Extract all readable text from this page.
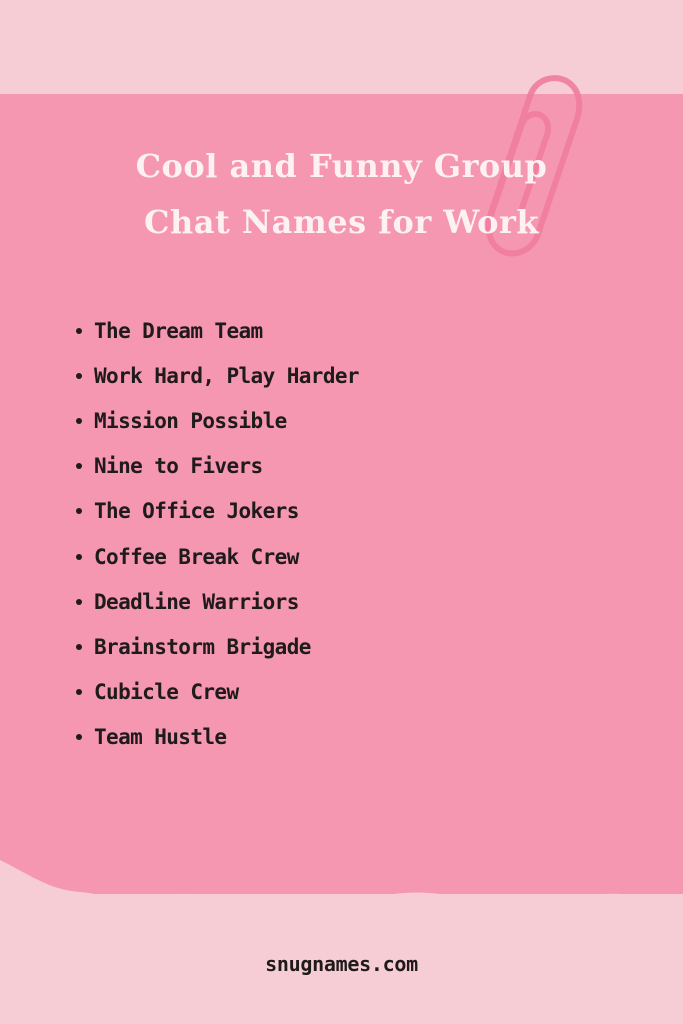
Cool and Funny Group
Chat Names for Work
The Dream Team
Work Hard, Play Harder
Mission Possible
Nine to Fivers
The Office Jokers
Coffee Break Crew
Deadline Warriors
Brainstorm Brigade
Cubicle Crew
Team Hustle
snugnames.com
